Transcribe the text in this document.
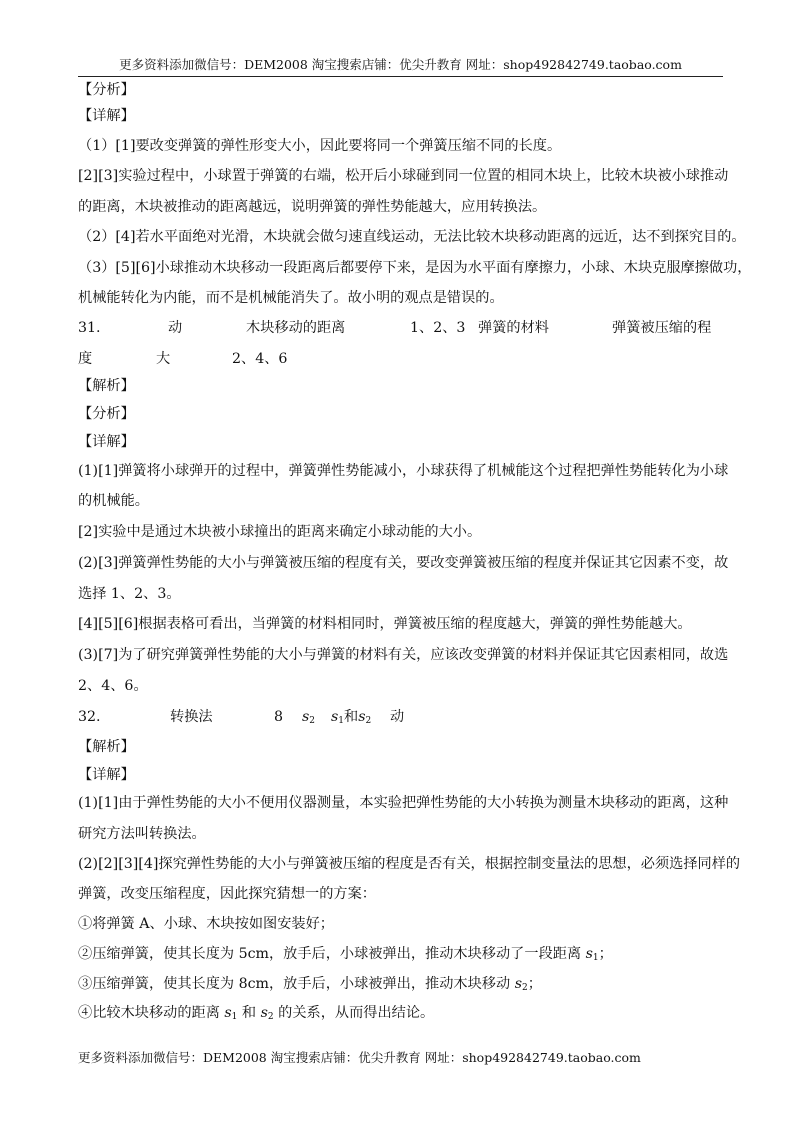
更多资料添加微信号：DEM2008 淘宝搜索店铺：优尖升教育 网址：shop492842749.taobao.com
【分析】
【详解】
（1）[1]要改变弹簧的弹性形变大小，因此要将同一个弹簧压缩不同的长度。
[2][3]实验过程中，小球置于弹簧的右端，松开后小球碰到同一位置的相同木块上，比较木块被小球推动
的距离，木块被推动的距离越远，说明弹簧的弹性势能越大，应用转换法。
（2）[4]若水平面绝对光滑，木块就会做匀速直线运动，无法比较木块移动距离的远近，达不到探究目的。
（3）[5][6]小球推动木块移动一段距离后都要停下来，是因为水平面有摩擦力，小球、木块克服摩擦做功，
机械能转化为内能，而不是机械能消失了。故小明的观点是错误的。
31.	动	木块移动的距离	1、2、3 弹簧的材料	弹簧被压缩的程
度	大	2、4、6
【解析】
【分析】
【详解】
(1)[1]弹簧将小球弹开的过程中，弹簧弹性势能减小，小球获得了机械能这个过程把弹性势能转化为小球
的机械能。
[2]实验中是通过木块被小球撞出的距离来确定小球动能的大小。
(2)[3]弹簧弹性势能的大小与弹簧被压缩的程度有关，要改变弹簧被压缩的程度并保证其它因素不变，故
选择 1、2、3。
[4][5][6]根据表格可看出，当弹簧的材料相同时，弹簧被压缩的程度越大，弹簧的弹性势能越大。
(3)[7]为了研究弹簧弹性势能的大小与弹簧的材料有关，应该改变弹簧的材料并保证其它因素相同，故选
2、4、6。
32.	转换法	8 $s_2$ $s_1$和$s_2$ 动
【解析】
【详解】
(1)[1]由于弹性势能的大小不便用仪器测量，本实验把弹性势能的大小转换为测量木块移动的距离，这种
研究方法叫转换法。
(2)[2][3][4]探究弹性势能的大小与弹簧被压缩的程度是否有关，根据控制变量法的思想，必须选择同样的
弹簧，改变压缩程度，因此探究猜想一的方案：
①将弹簧 A、小球、木块按如图安装好；
②压缩弹簧，使其长度为 5cm，放手后，小球被弹出，推动木块移动了一段距离 $s_1$；
③压缩弹簧，使其长度为 8cm，放手后，小球被弹出，推动木块移动 $s_2$；
④比较木块移动的距离 $s_1$ 和 $s_2$ 的关系，从而得出结论。
更多资料添加微信号：DEM2008 淘宝搜索店铺：优尖升教育 网址：shop492842749.taobao.com
